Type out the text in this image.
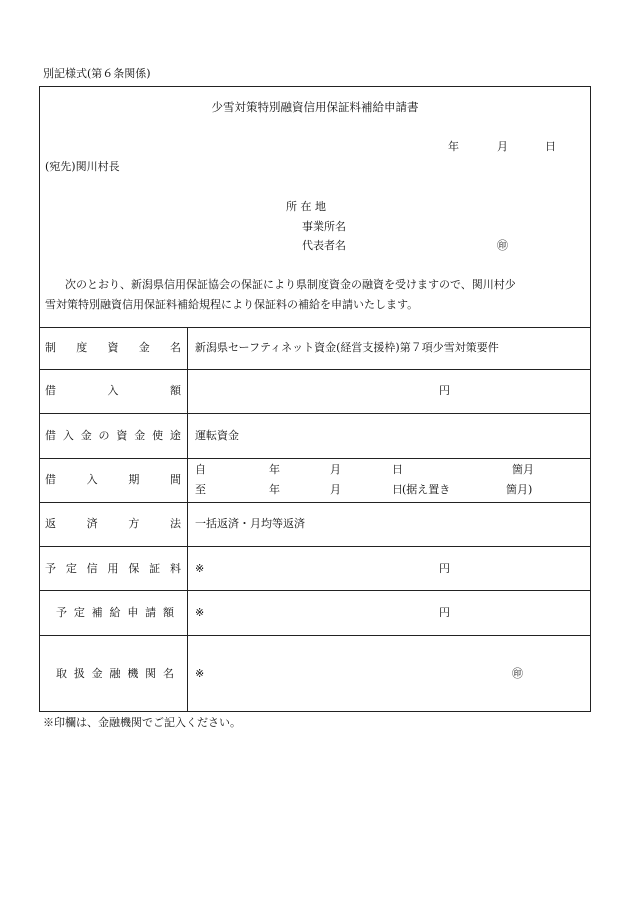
別記様式(第６条関係)
少雪対策特別融資信用保証料補給申請書
年	月	日
(宛先)関川村長
所 在 地
事業所名
代表者名	㊞
次のとおり、新潟県信用保証協会の保証により県制度資金の融資を受けますので、関川村少
雪対策特別融資信用保証料補給規程により保証料の補給を申請いたします。
制 度 資 金 名 新潟県セーフティネット資金(経営支援枠)第７項少雪対策要件
借	入	額	円
借 入 金 の 資 金 使 途 運転資金
借	入	期	間
自	年	月	日	箇月
至	年	月	日 (据え置き	箇月)
返	済	方	法 一括返済・月均等返済
予 定 信 用 保 証 料 ※	円
予 定 補 給 申 請 額 ※	円
取 扱 金 融 機 関 名 ※	㊞
※印欄は、金融機関でご記入ください。
